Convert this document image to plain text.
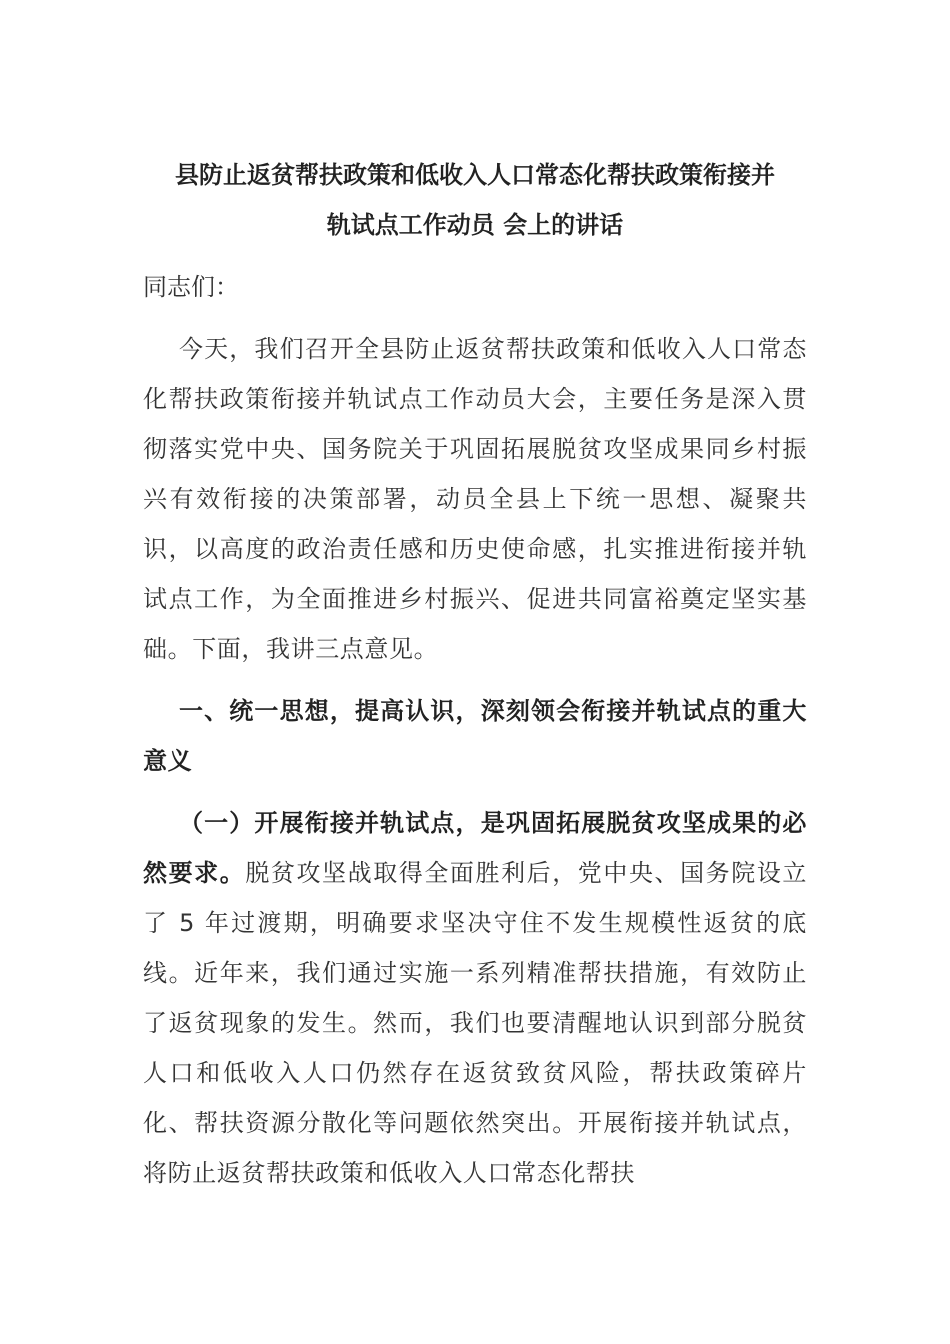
县防止返贫帮扶政策和低收入人口常态化帮扶政策衔接并
轨试点工作动员 会上的讲话

同志们：

今天，我们召开全县防止返贫帮扶政策和低收入人口常态化帮扶政策衔接并轨试点工作动员大会，主要任务是深入贯彻落实党中央、国务院关于巩固拓展脱贫攻坚成果同乡村振兴有效衔接的决策部署，动员全县上下统一思想、凝聚共识，以高度的政治责任感和历史使命感，扎实推进衔接并轨试点工作，为全面推进乡村振兴、促进共同富裕奠定坚实基础。下面，我讲三点意见。

一、统一思想，提高认识，深刻领会衔接并轨试点的重大意义

（一）开展衔接并轨试点，是巩固拓展脱贫攻坚成果的必然要求。脱贫攻坚战取得全面胜利后，党中央、国务院设立了 5 年过渡期，明确要求坚决守住不发生规模性返贫的底线。近年来，我们通过实施一系列精准帮扶措施，有效防止了返贫现象的发生。然而，我们也要清醒地认识到部分脱贫人口和低收入人口仍然存在返贫致贫风险，帮扶政策碎片化、帮扶资源分散化等问题依然突出。开展衔接并轨试点，将防止返贫帮扶政策和低收入人口常态化帮扶
